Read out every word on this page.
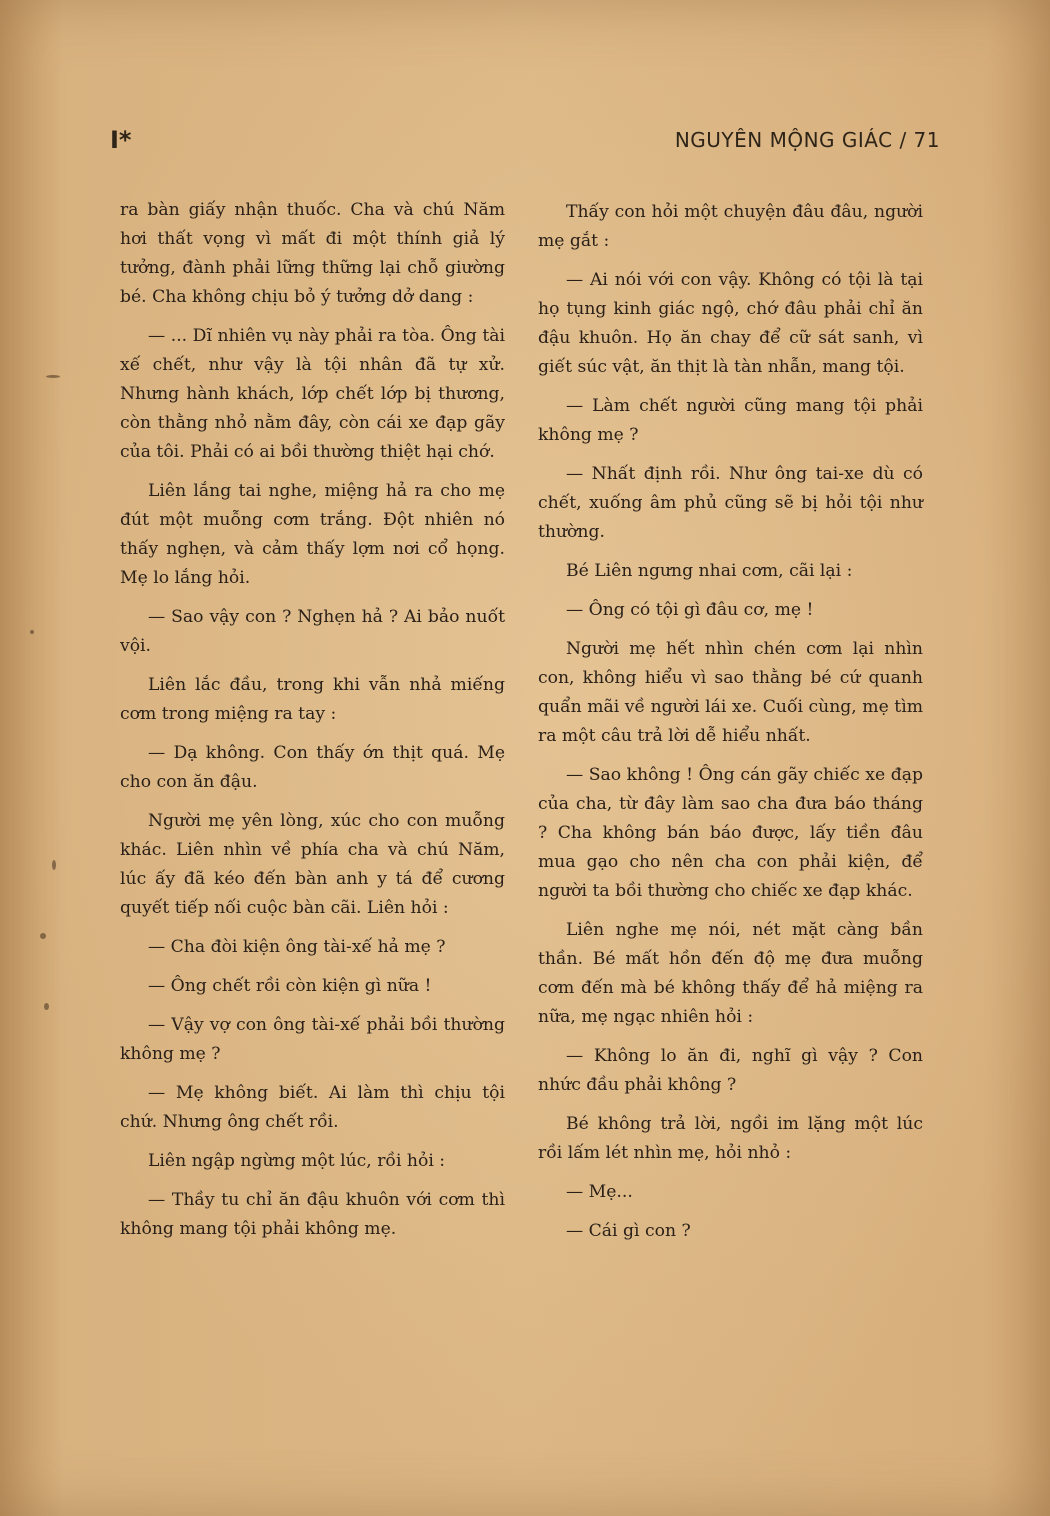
I*	NGUYÊN MỘNG GIÁC / 71

ra bàn giấy nhận thuốc. Cha và chú Năm hơi thất vọng vì mất đi một thính giả lý tưởng, đành phải lững thững lại chỗ giường bé. Cha không chịu bỏ ý tưởng dở dang :

— ... Dĩ nhiên vụ này phải ra tòa. Ông tài xế chết, như vậy là tội nhân đã tự xử. Nhưng hành khách, lớp chết lớp bị thương, còn thằng nhỏ nằm đây, còn cái xe đạp gãy của tôi. Phải có ai bồi thường thiệt hại chớ.

Liên lắng tai nghe, miệng hả ra cho mẹ đút một muỗng cơm trắng. Đột nhiên nó thấy nghẹn, và cảm thấy lợm nơi cổ họng. Mẹ lo lắng hỏi.

— Sao vậy con ? Nghẹn hả ? Ai bảo nuốt vội.

Liên lắc đầu, trong khi vẫn nhả miếng cơm trong miệng ra tay :

— Dạ không. Con thấy ớn thịt quá. Mẹ cho con ăn đậu.

Người mẹ yên lòng, xúc cho con muỗng khác. Liên nhìn về phía cha và chú Năm, lúc ấy đã kéo đến bàn anh y tá để cương quyết tiếp nối cuộc bàn cãi. Liên hỏi :

— Cha đòi kiện ông tài-xế hả mẹ ?

— Ông chết rồi còn kiện gì nữa !

— Vậy vợ con ông tài-xế phải bồi thường không mẹ ?

— Mẹ không biết. Ai làm thì chịu tội chứ. Nhưng ông chết rồi.

Liên ngập ngừng một lúc, rồi hỏi :

— Thầy tu chỉ ăn đậu khuôn với cơm thì không mang tội phải không mẹ.

Thấy con hỏi một chuyện đâu đâu, người mẹ gắt :

— Ai nói với con vậy. Không có tội là tại họ tụng kinh giác ngộ, chớ đâu phải chỉ ăn đậu khuôn. Họ ăn chay để cữ sát sanh, vì giết súc vật, ăn thịt là tàn nhẫn, mang tội.

— Làm chết người cũng mang tội phải không mẹ ?

— Nhất định rồi. Như ông tai-xe dù có chết, xuống âm phủ cũng sẽ bị hỏi tội như thường.

Bé Liên ngưng nhai cơm, cãi lại :

— Ông có tội gì đâu cơ, mẹ !

Người mẹ hết nhìn chén cơm lại nhìn con, không hiểu vì sao thằng bé cứ quanh quẩn mãi về người lái xe. Cuối cùng, mẹ tìm ra một câu trả lời dễ hiểu nhất.

— Sao không ! Ông cán gãy chiếc xe đạp của cha, từ đây làm sao cha đưa báo tháng ? Cha không bán báo được, lấy tiền đâu mua gạo cho nên cha con phải kiện, để người ta bồi thường cho chiếc xe đạp khác.

Liên nghe mẹ nói, nét mặt càng bần thần. Bé mất hồn đến độ mẹ đưa muỗng cơm đến mà bé không thấy để hả miệng ra nữa, mẹ ngạc nhiên hỏi :

— Không lo ăn đi, nghĩ gì vậy ? Con nhức đầu phải không ?

Bé không trả lời, ngồi im lặng một lúc rồi lấm lét nhìn mẹ, hỏi nhỏ :

— Mẹ...

— Cái gì con ?
